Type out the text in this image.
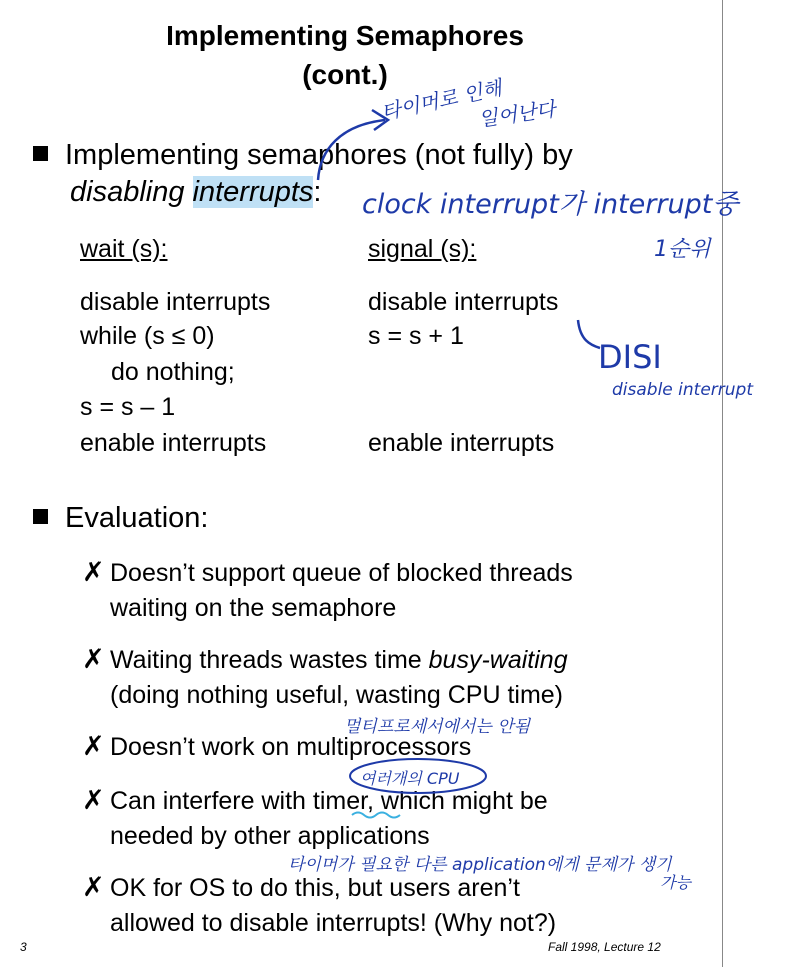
Implementing Semaphores
(cont.)
Implementing semaphores (not fully) by
disabling interrupts:
wait (s):	signal (s):
disable interrupts
while (s ≤ 0)
do nothing;
s = s – 1
enable interrupts
disable interrupts
s = s + 1
enable interrupts
Evaluation:
✗ Doesn’t support queue of blocked threads
waiting on the semaphore
✗ Waiting threads wastes time busy-waiting
(doing nothing useful, wasting CPU time)
✗ Doesn’t work on multiprocessors
✗ Can interfere with timer, which might be
needed by other applications
✗ OK for OS to do this, but users aren’t
allowed to disable interrupts! (Why not?)
3	Fall 1998, Lecture 12
타이머로 인해
일어난다
clock interrupt가 interrupt중
1순위
DISI
disable interrupt
멀티프로세서에서는 안됨
여러개의 CPU
타이머가 필요한 다른 application에게 문제가 생기
가능
